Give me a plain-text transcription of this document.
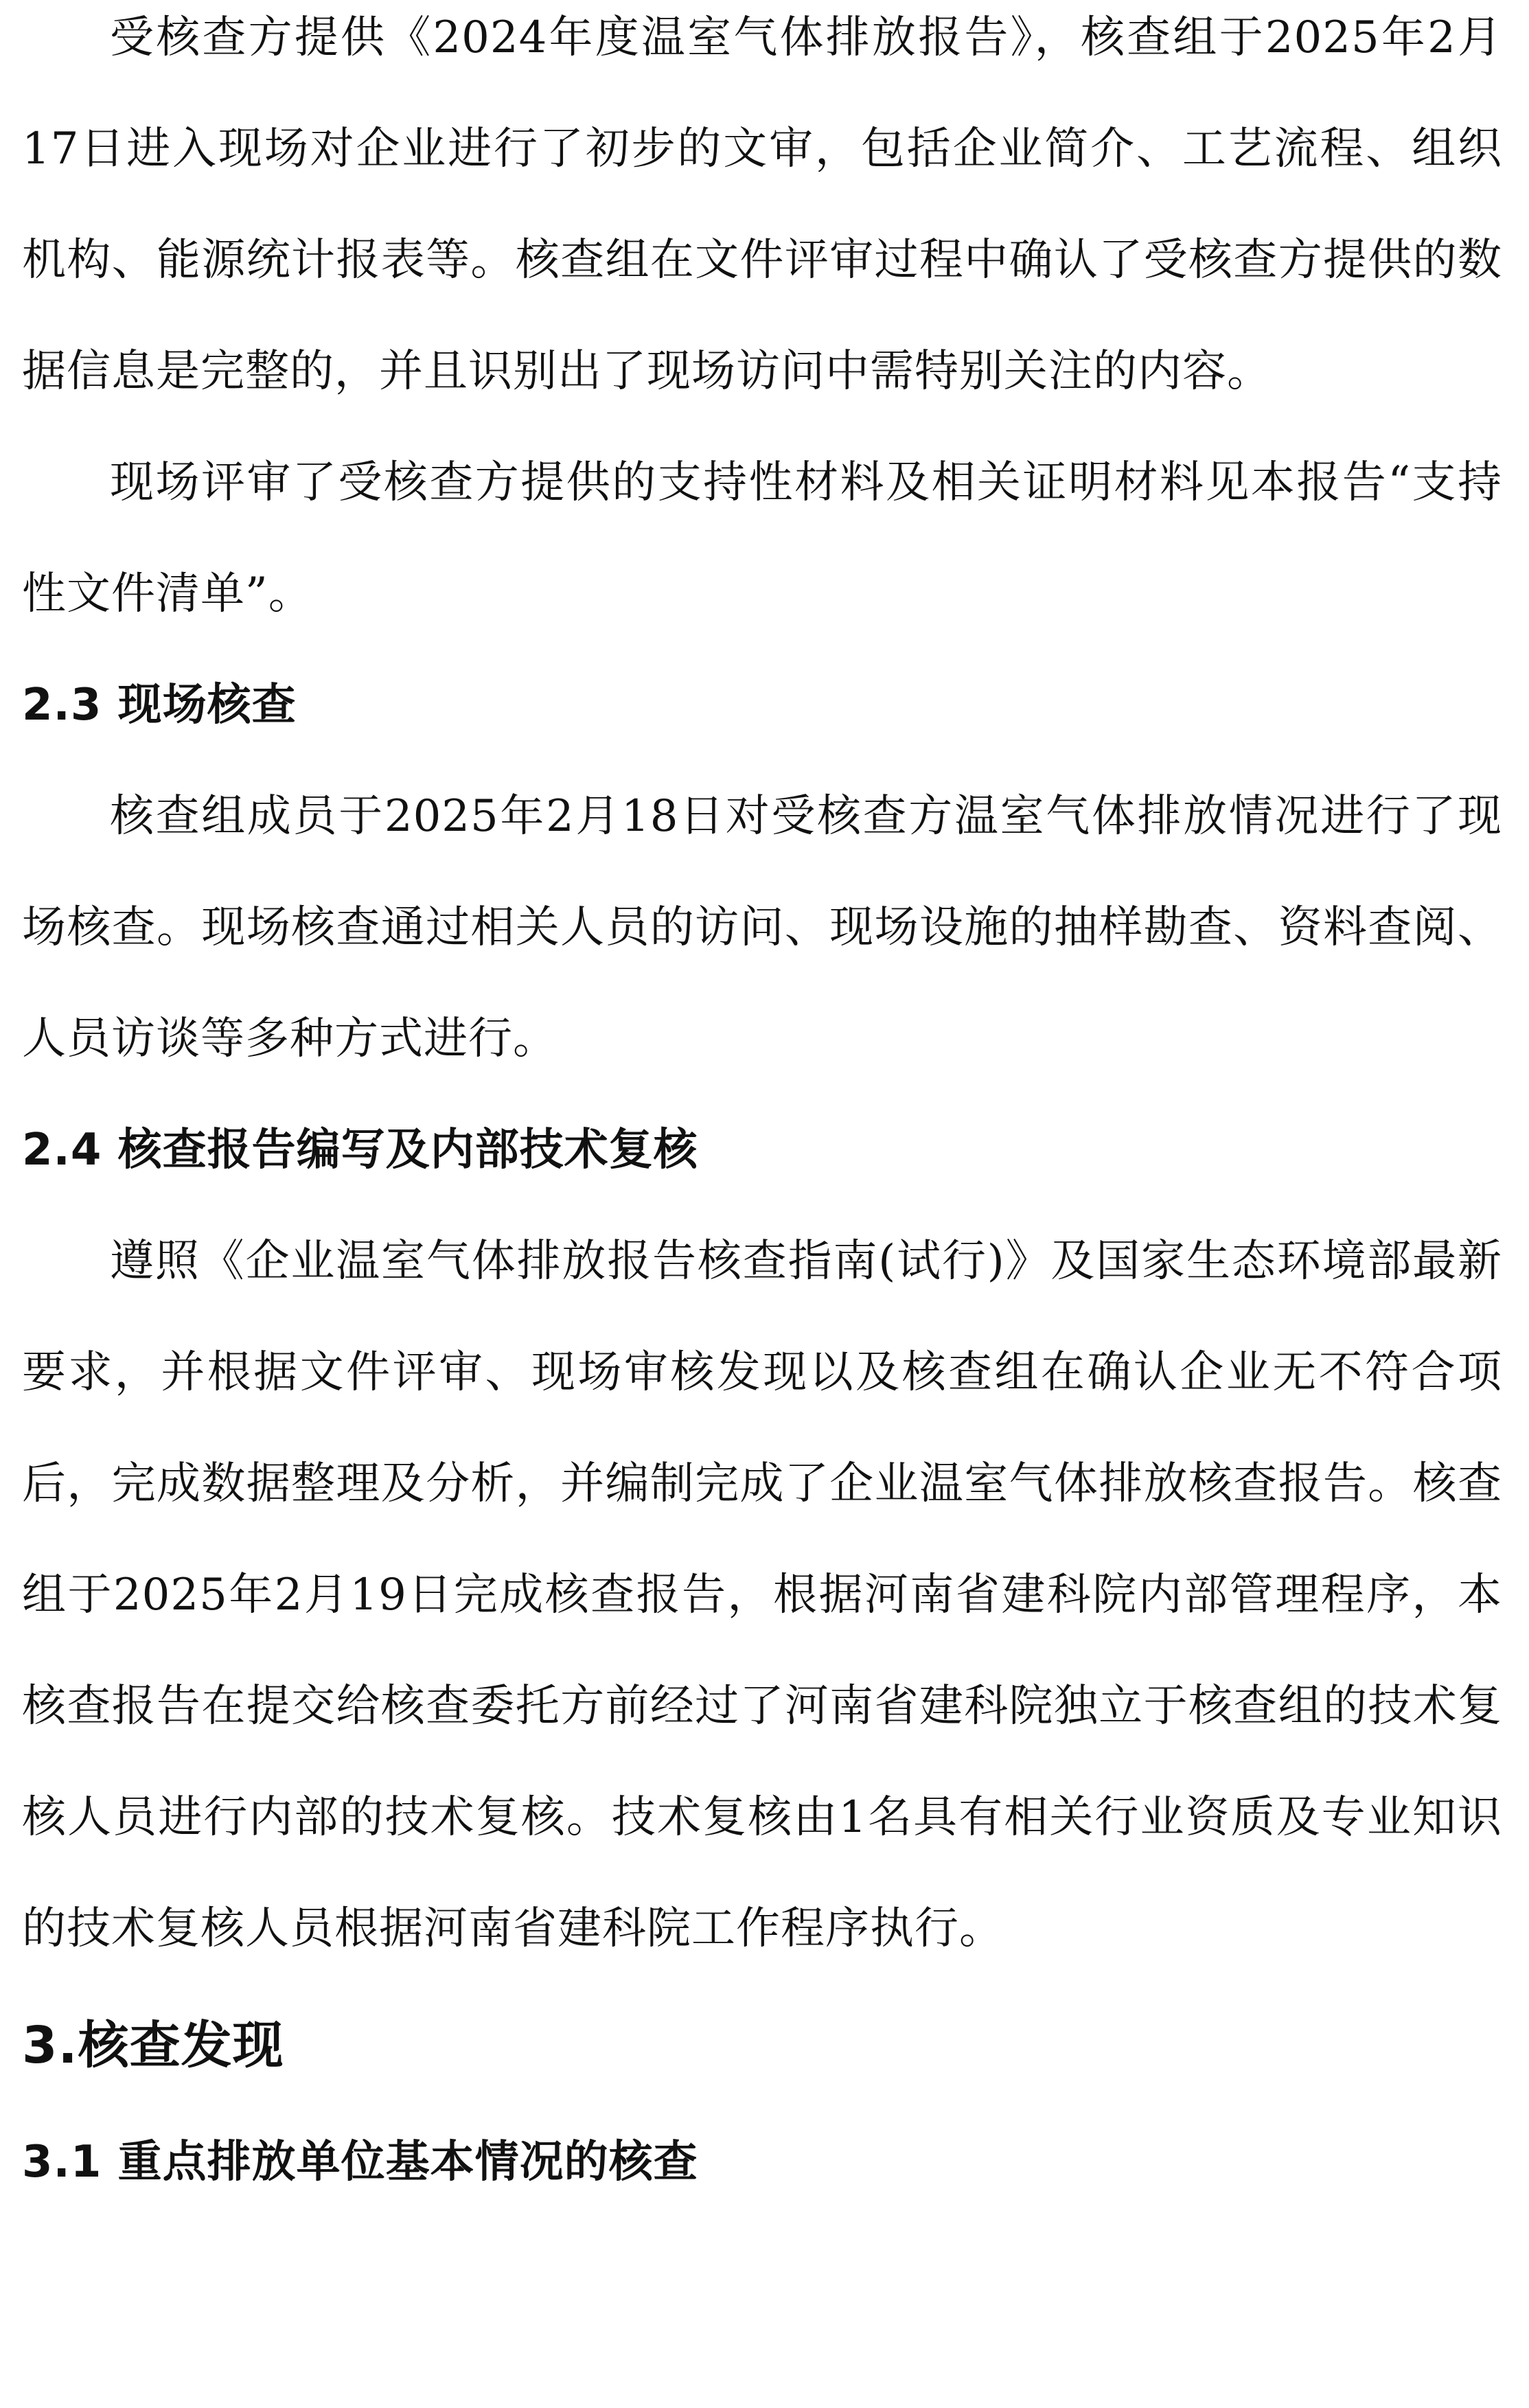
受核查方提供《2024年度温室气体排放报告》，核查组于2025年2月17日进入现场对企业进行了初步的文审，包括企业简介、工艺流程、组织机构、能源统计报表等。核查组在文件评审过程中确认了受核查方提供的数据信息是完整的，并且识别出了现场访问中需特别关注的内容。

现场评审了受核查方提供的支持性材料及相关证明材料见本报告“支持性文件清单”。

2.3 现场核查

核查组成员于2025年2月18日对受核查方温室气体排放情况进行了现场核查。现场核查通过相关人员的访问、现场设施的抽样勘查、资料查阅、人员访谈等多种方式进行。

2.4 核查报告编写及内部技术复核

遵照《企业温室气体排放报告核查指南(试行)》及国家生态环境部最新要求，并根据文件评审、现场审核发现以及核查组在确认企业无不符合项后，完成数据整理及分析，并编制完成了企业温室气体排放核查报告。核查组于2025年2月19日完成核查报告，根据河南省建科院内部管理程序，本核查报告在提交给核查委托方前经过了河南省建科院独立于核查组的技术复核人员进行内部的技术复核。技术复核由1名具有相关行业资质及专业知识的技术复核人员根据河南省建科院工作程序执行。

3.核查发现
3.1 重点排放单位基本情况的核查
